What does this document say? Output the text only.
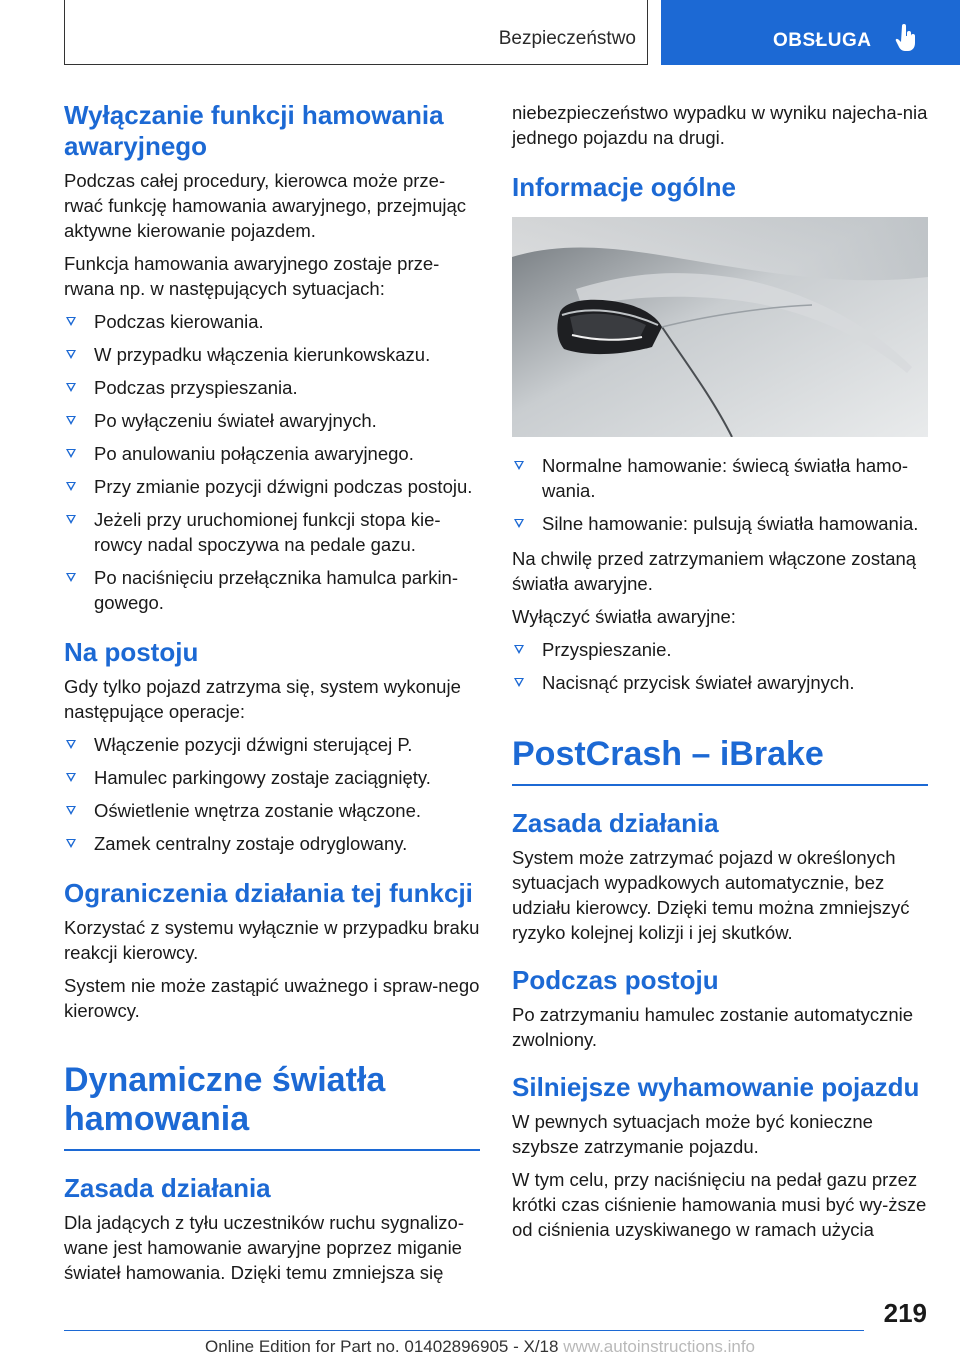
Bezpieczeństwo	OBSŁUGA
Wyłączanie funkcji hamowania awaryjnego

Podczas całej procedury, kierowca może prze-rwać funkcję hamowania awaryjnego, przejmując aktywne kierowanie pojazdem.

Funkcja hamowania awaryjnego zostaje prze-rwana np. w następujących sytuacjach:

Podczas kierowania.
W przypadku włączenia kierunkowskazu.
Podczas przyspieszania.
Po wyłączeniu świateł awaryjnych.
Po anulowaniu połączenia awaryjnego.
Przy zmianie pozycji dźwigni podczas postoju.
Jeżeli przy uruchomionej funkcji stopa kie-rowcy nadal spoczywa na pedale gazu.
Po naciśnięciu przełącznika hamulca parkin-gowego.
Na postoju

Gdy tylko pojazd zatrzyma się, system wykonuje następujące operacje:

Włączenie pozycji dźwigni sterującej P.
Hamulec parkingowy zostaje zaciągnięty.
Oświetlenie wnętrza zostanie włączone.
Zamek centralny zostaje odryglowany.
Ograniczenia działania tej funkcji

Korzystać z systemu wyłącznie w przypadku braku reakcji kierowcy.

System nie może zastąpić uważnego i spraw-nego kierowcy.

Dynamiczne światła hamowania
Zasada działania

Dla jadących z tyłu uczestników ruchu sygnalizo-wane jest hamowanie awaryjne poprzez miganie świateł hamowania. Dzięki temu zmniejsza się

niebezpieczeństwo wypadku w wyniku najecha-nia jednego pojazdu na drugi.

Informacje ogólne
Normalne hamowanie: świecą światła hamo-wania.
Silne hamowanie: pulsują światła hamowania.

Na chwilę przed zatrzymaniem włączone zostaną światła awaryjne.

Wyłączyć światła awaryjne:

Przyspieszanie.
Nacisnąć przycisk świateł awaryjnych.
PostCrash – iBrake
Zasada działania

System może zatrzymać pojazd w określonych sytuacjach wypadkowych automatycznie, bez udziału kierowcy. Dzięki temu można zmniejszyć ryzyko kolejnej kolizji i jej skutków.

Podczas postoju

Po zatrzymaniu hamulec zostanie automatycznie zwolniony.

Silniejsze wyhamowanie pojazdu

W pewnych sytuacjach może być konieczne szybsze zatrzymanie pojazdu.

W tym celu, przy naciśnięciu na pedał gazu przez krótki czas ciśnienie hamowania musi być wy-ższe od ciśnienia uzyskiwanego w ramach użycia

219
Online Edition for Part no. 01402896905 - X/18 www.autoinstructions.info
